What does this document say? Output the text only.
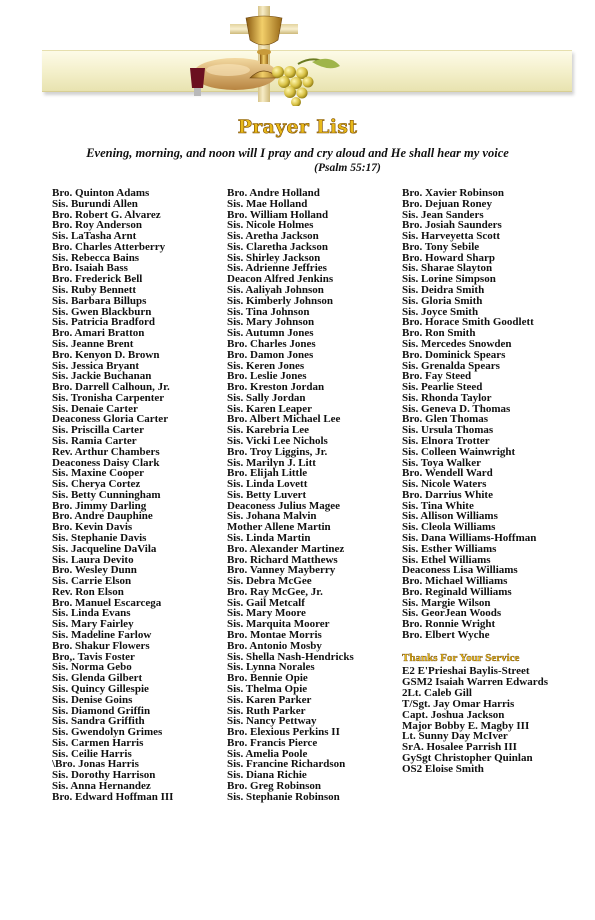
Prayer List
Evening, morning, and noon will I pray and cry aloud and He shall hear my voice
(Psalm 55:17)
Bro. Quinton Adams
Sis. Burundi Allen
Bro. Robert G. Alvarez
Bro. Roy Anderson
Sis. LaTasha Arnt
Bro. Charles Atterberry
Sis. Rebecca Bains
Bro. Isaiah Bass
Bro. Frederick Bell
Sis. Ruby Bennett
Sis. Barbara Billups
Sis. Gwen Blackburn
Sis. Patricia Bradford
Bro. Amari Bratton
Sis. Jeanne Brent
Bro. Kenyon D. Brown
Sis. Jessica Bryant
Sis. Jackie Buchanan
Bro. Darrell Calhoun, Jr.
Sis. Tronisha Carpenter
Sis. Denaie Carter
Deaconess Gloria Carter
Sis. Priscilla Carter
Sis. Ramia Carter
Rev. Arthur Chambers
Deaconess Daisy Clark
Sis. Maxine Cooper
Sis. Cherya Cortez
Sis. Betty Cunningham
Bro. Jimmy Darling
Bro. Andre Dauphine
Bro. Kevin Davis
Sis. Stephanie Davis
Sis. Jacqueline DaVila
Sis. Laura Devito
Bro. Wesley Dunn
Sis. Carrie Elson
Rev. Ron Elson
Bro. Manuel Escarcega
Sis. Linda Evans
Sis. Mary Fairley
Sis. Madeline Farlow
Bro. Shakur Flowers
Bro,. Tavis Foster
Sis. Norma Gebo
Sis. Glenda Gilbert
Sis. Quincy Gillespie
Sis. Denise Goins
Sis. Diamond Griffin
Sis. Sandra Griffith
Sis. Gwendolyn Grimes
Sis. Carmen Harris
Sis. Ceilie Harris
\Bro. Jonas Harris
Sis. Dorothy Harrison
Sis. Anna Hernandez
Bro. Edward Hoffman III
Bro. Andre Holland
Sis. Mae Holland
Bro. William Holland
Sis. Nicole Holmes
Sis. Aretha Jackson
Sis. Claretha Jackson
Sis. Shirley Jackson
Sis. Adrienne Jeffries
Deacon Alfred Jenkins
Sis. Aaliyah Johnson
Sis. Kimberly Johnson
Sis. Tina Johnson
Sis. Mary Johnson
Sis. Autumn Jones
Bro. Charles Jones
Bro. Damon Jones
Sis. Keren Jones
Bro. Leslie Jones
Bro. Kreston Jordan
Sis. Sally Jordan
Sis. Karen Leaper
Bro. Albert Michael Lee
Sis. Karebria Lee
Sis. Vicki Lee Nichols
Bro. Troy Liggins, Jr.
Sis. Marilyn J. Litt
Bro. Elijah Little
Sis. Linda Lovett
Sis. Betty Luvert
Deaconess Julius Magee
Sis. Johana Malvin
Mother Allene Martin
Sis. Linda Martin
Bro. Alexander Martinez
Bro. Richard Matthews
Bro. Vanney Mayberry
Sis. Debra McGee
Bro. Ray McGee, Jr.
Sis. Gail Metcalf
Sis. Mary Moore
Sis. Marquita Moorer
Bro. Montae Morris
Bro. Antonio Mosby
Sis. Shella Nash-Hendricks
Sis. Lynna Norales
Bro. Bennie Opie
Sis. Thelma Opie
Sis. Karen Parker
Sis. Ruth Parker
Sis. Nancy Pettway
Bro. Elexious Perkins II
Bro. Francis Pierce
Sis. Amelia Poole
Sis. Francine Richardson
Sis. Diana Richie
Bro. Greg Robinson
Sis. Stephanie Robinson
Bro. Xavier Robinson
Bro. Dejuan Roney
Sis. Jean Sanders
Bro. Josiah Saunders
Sis. Harveyetta Scott
Bro. Tony Sebile
Bro. Howard Sharp
Sis. Sharae Slayton
Sis. Lorine Simpson
Sis. Deidra Smith
Sis. Gloria Smith
Sis. Joyce Smith
Bro. Horace Smith Goodlett
Bro. Ron Smith
Sis. Mercedes Snowden
Bro. Dominick Spears
Sis. Grenalda Spears
Bro. Fay Steed
Sis. Pearlie Steed
Sis. Rhonda Taylor
Sis. Geneva D. Thomas
Bro. Glen Thomas
Sis. Ursula Thomas
Sis. Elnora Trotter
Sis. Colleen Wainwright
Sis. Toya Walker
Bro. Wendell Ward
Sis. Nicole Waters
Bro. Darrius White
Sis. Tina White
Sis. Allison Williams
Sis. Cleola Williams
Sis. Dana Williams-Hoffman
Sis. Esther Williams
Sis. Ethel Williams
Deaconess Lisa Williams
Bro. Michael Williams
Bro. Reginald Williams
Sis. Margie Wilson
Sis. GeorJean Woods
Bro. Ronnie Wright
Bro. Elbert Wyche
Thanks For Your Service
E2 E'Prieshai Baylis-Street
GSM2 Isaiah Warren Edwards
2Lt. Caleb Gill
T/Sgt. Jay Omar Harris
Capt. Joshua Jackson
Major Bobby E. Magby III
Lt. Sunny Day McIver
SrA. Hosalee Parrish III
GySgt Christopher Quinlan
OS2 Eloise Smith
